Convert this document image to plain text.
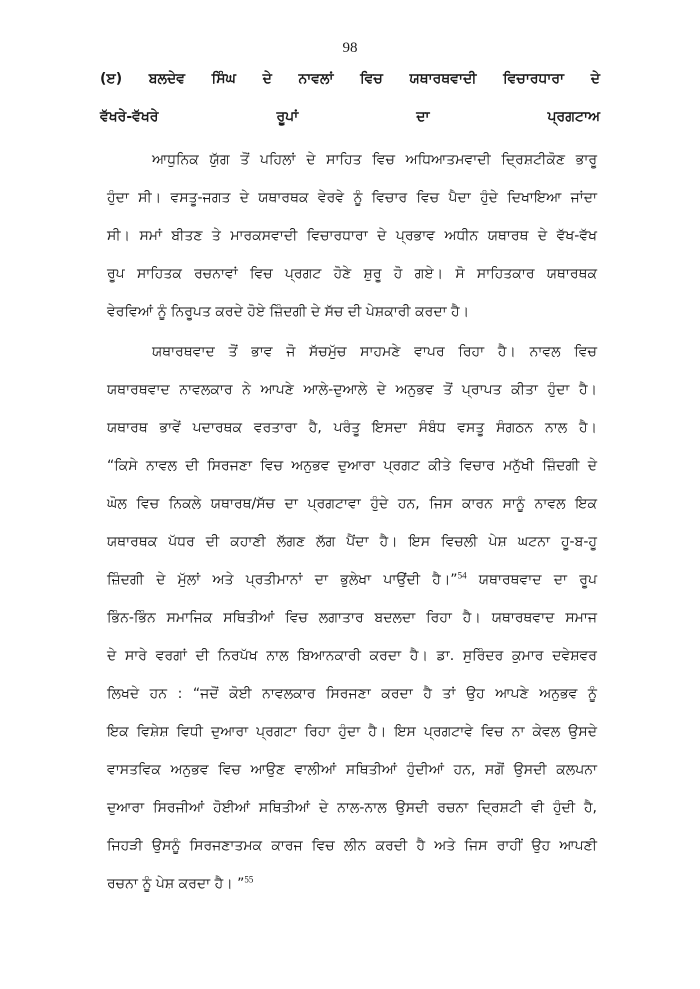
98
(ੲ) ਬਲਦੇਵ ਸਿੰਘ ਦੇ ਨਾਵਲਾਂ ਵਿਚ ਯਥਾਰਥਵਾਦੀ ਵਿਚਾਰਧਾਰਾ ਦੇ
ਵੱਖਰੇ-ਵੱਖਰੇ ਰੂਪਾਂ ਦਾ ਪ੍ਰਗਟਾਅ
ਆਧੁਨਿਕ ਯੁੱਗ ਤੋਂ ਪਹਿਲਾਂ ਦੇ ਸਾਹਿਤ ਵਿਚ ਅਧਿਆਤਮਵਾਦੀ ਦ੍ਰਿਸ਼ਟੀਕੋਣ ਭਾਰੂ
ਹੁੰਦਾ ਸੀ। ਵਸਤੂ-ਜਗਤ ਦੇ ਯਥਾਰਥਕ ਵੇਰਵੇ ਨੂੰ ਵਿਚਾਰ ਵਿਚ ਪੈਦਾ ਹੁੰਦੇ ਦਿਖਾਇਆ ਜਾਂਦਾ
ਸੀ। ਸਮਾਂ ਬੀਤਣ ਤੇ ਮਾਰਕਸਵਾਦੀ ਵਿਚਾਰਧਾਰਾ ਦੇ ਪ੍ਰਭਾਵ ਅਧੀਨ ਯਥਾਰਥ ਦੇ ਵੱਖ-ਵੱਖ
ਰੂਪ ਸਾਹਿਤਕ ਰਚਨਾਵਾਂ ਵਿਚ ਪ੍ਰਗਟ ਹੋਣੇ ਸ਼ੁਰੂ ਹੋ ਗਏ। ਸੋ ਸਾਹਿਤਕਾਰ ਯਥਾਰਥਕ
ਵੇਰਵਿਆਂ ਨੂੰ ਨਿਰੂਪਤ ਕਰਦੇ ਹੋਏ ਜ਼ਿੰਦਗੀ ਦੇ ਸੱਚ ਦੀ ਪੇਸ਼ਕਾਰੀ ਕਰਦਾ ਹੈ।
ਯਥਾਰਥਵਾਦ ਤੋਂ ਭਾਵ ਜੋ ਸੱਚਮੁੱਚ ਸਾਹਮਣੇ ਵਾਪਰ ਰਿਹਾ ਹੈ। ਨਾਵਲ ਵਿਚ
ਯਥਾਰਥਵਾਦ ਨਾਵਲਕਾਰ ਨੇ ਆਪਣੇ ਆਲੇ-ਦੁਆਲੇ ਦੇ ਅਨੁਭਵ ਤੋਂ ਪ੍ਰਾਪਤ ਕੀਤਾ ਹੁੰਦਾ ਹੈ।
ਯਥਾਰਥ ਭਾਵੇਂ ਪਦਾਰਥਕ ਵਰਤਾਰਾ ਹੈ, ਪਰੰਤੂ ਇਸਦਾ ਸੰਬੰਧ ਵਸਤੂ ਸੰਗਠਨ ਨਾਲ ਹੈ।
“ਕਿਸੇ ਨਾਵਲ ਦੀ ਸਿਰਜਣਾ ਵਿਚ ਅਨੁਭਵ ਦੁਆਰਾ ਪ੍ਰਗਟ ਕੀਤੇ ਵਿਚਾਰ ਮਨੁੱਖੀ ਜ਼ਿੰਦਗੀ ਦੇ
ਘੋਲ ਵਿਚ ਨਿਕਲੇ ਯਥਾਰਥ/ਸੱਚ ਦਾ ਪ੍ਰਗਟਾਵਾ ਹੁੰਦੇ ਹਨ, ਜਿਸ ਕਾਰਨ ਸਾਨੂੰ ਨਾਵਲ ਇਕ
ਯਥਾਰਥਕ ਪੱਧਰ ਦੀ ਕਹਾਣੀ ਲੱਗਣ ਲੱਗ ਪੈਂਦਾ ਹੈ। ਇਸ ਵਿਚਲੀ ਪੇਸ਼ ਘਟਨਾ ਹੂ-ਬ-ਹੂ
ਜ਼ਿੰਦਗੀ ਦੇ ਮੁੱਲਾਂ ਅਤੇ ਪ੍ਰਤੀਮਾਨਾਂ ਦਾ ਭੁਲੇਖਾ ਪਾਉਂਦੀ ਹੈ।”$^{54}$ ਯਥਾਰਥਵਾਦ ਦਾ ਰੂਪ
ਭਿੰਨ-ਭਿੰਨ ਸਮਾਜਿਕ ਸਥਿਤੀਆਂ ਵਿਚ ਲਗਾਤਾਰ ਬਦਲਦਾ ਰਿਹਾ ਹੈ। ਯਥਾਰਥਵਾਦ ਸਮਾਜ
ਦੇ ਸਾਰੇ ਵਰਗਾਂ ਦੀ ਨਿਰਪੱਖ ਨਾਲ ਬਿਆਨਕਾਰੀ ਕਰਦਾ ਹੈ। ਡਾ. ਸੁਰਿੰਦਰ ਕੁਮਾਰ ਦਵੇਸ਼ਵਰ
ਲਿਖਦੇ ਹਨ : “ਜਦੋਂ ਕੋਈ ਨਾਵਲਕਾਰ ਸਿਰਜਣਾ ਕਰਦਾ ਹੈ ਤਾਂ ਉਹ ਆਪਣੇ ਅਨੁਭਵ ਨੂੰ
ਇਕ ਵਿਸ਼ੇਸ਼ ਵਿਧੀ ਦੁਆਰਾ ਪ੍ਰਗਟਾ ਰਿਹਾ ਹੁੰਦਾ ਹੈ। ਇਸ ਪ੍ਰਗਟਾਵੇ ਵਿਚ ਨਾ ਕੇਵਲ ਉਸਦੇ
ਵਾਸਤਵਿਕ ਅਨੁਭਵ ਵਿਚ ਆਉਣ ਵਾਲੀਆਂ ਸਥਿਤੀਆਂ ਹੁੰਦੀਆਂ ਹਨ, ਸਗੋਂ ਉਸਦੀ ਕਲਪਨਾ
ਦੁਆਰਾ ਸਿਰਜੀਆਂ ਹੋਈਆਂ ਸਥਿਤੀਆਂ ਦੇ ਨਾਲ-ਨਾਲ ਉਸਦੀ ਰਚਨਾ ਦ੍ਰਿਸ਼ਟੀ ਵੀ ਹੁੰਦੀ ਹੈ,
ਜਿਹੜੀ ਉਸਨੂੰ ਸਿਰਜਣਾਤਮਕ ਕਾਰਜ ਵਿਚ ਲੀਨ ਕਰਦੀ ਹੈ ਅਤੇ ਜਿਸ ਰਾਹੀਂ ਉਹ ਆਪਣੀ
ਰਚਨਾ ਨੂੰ ਪੇਸ਼ ਕਰਦਾ ਹੈ। ”$^{55}$
